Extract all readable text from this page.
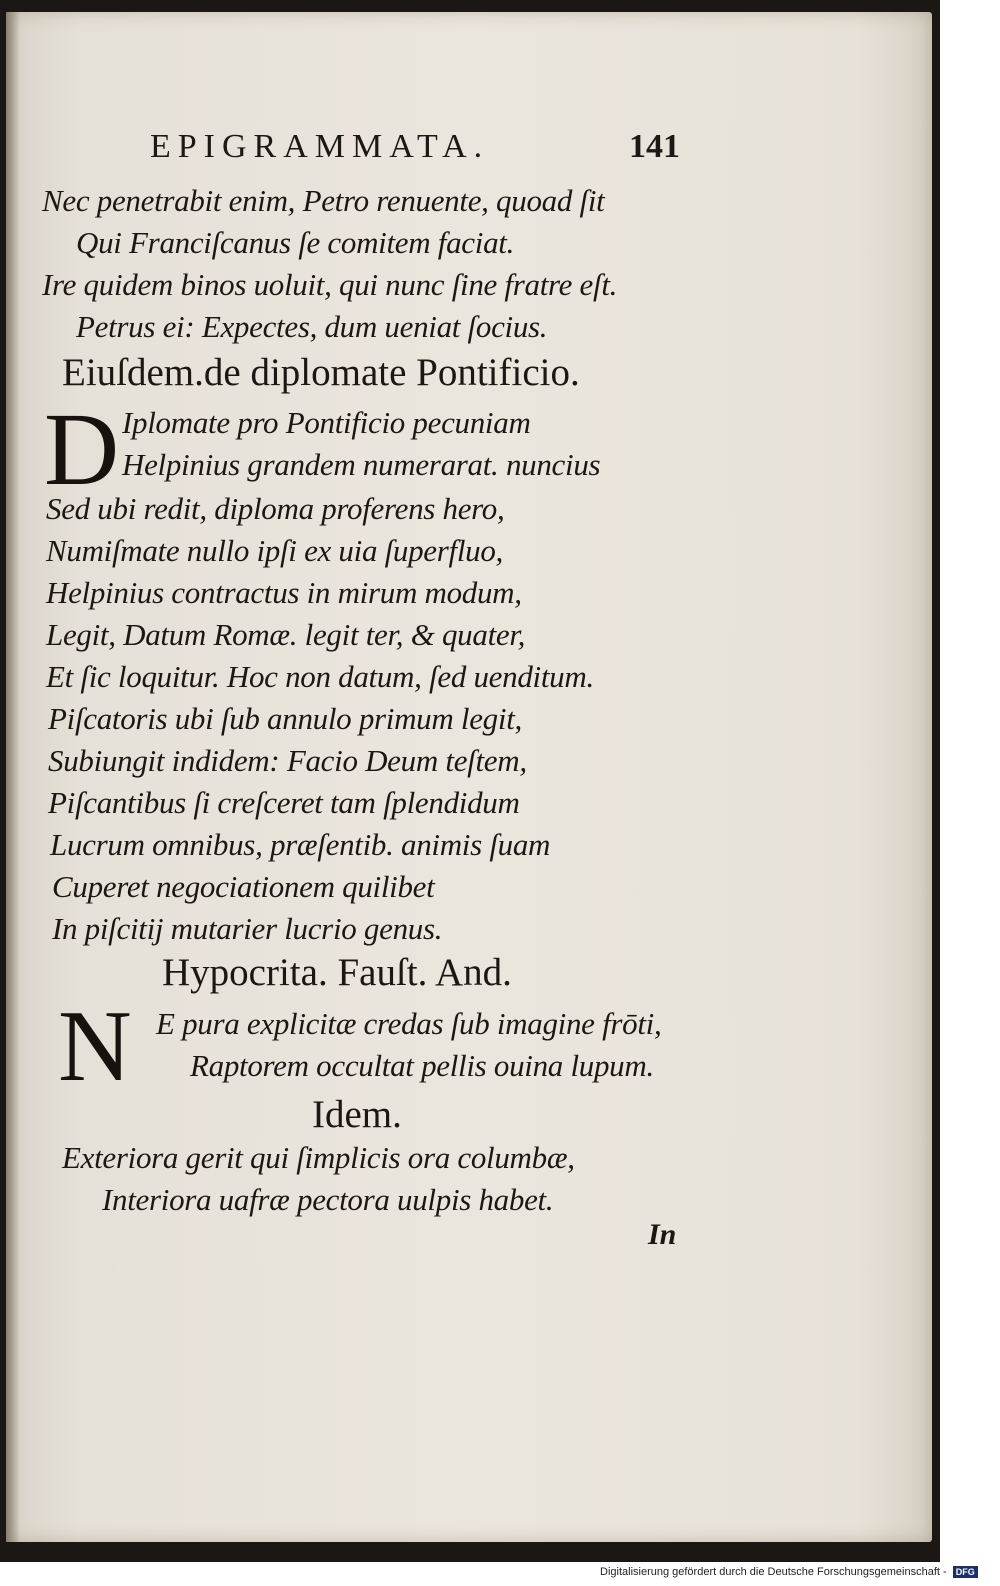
EPIGRAMMATA.	141
Nec penetrabit enim, Petro renuente, quoad ſit
Qui Franciſcanus ſe comitem faciat.
Ire quidem binos uoluit, qui nunc ſine fratre eſt.
Petrus ei: Expectes, dum ueniat ſocius.
Eiuſdem.de diplomate Pontificio.
D Iplomate pro Pontificio pecuniam
Helpinius grandem numerarat. nuncius
Sed ubi redit, diploma proferens hero,
Numiſmate nullo ipſi ex uia ſuperfluo,
Helpinius contractus in mirum modum,
Legit, Datum Romæ. legit ter, & quater,
Et ſic loquitur. Hoc non datum, ſed uenditum.
Piſcatoris ubi ſub annulo primum legit,
Subiungit indidem: Facio Deum teſtem,
Piſcantibus ſi creſceret tam ſplendidum
Lucrum omnibus, præſentib. animis ſuam
Cuperet negociationem quilibet
In piſcitij mutarier lucrio genus.
Hypocrita. Fauſt. And.
N E pura explicitæ credas ſub imagine frōti,
Raptorem occultat pellis ouina lupum.
Idem.
Exteriora gerit qui ſimplicis ora columbæ,
Interiora uafræ pectora uulpis habet.
In
Digitalisierung gefördert durch die Deutsche Forschungsgemeinschaft - DFG
